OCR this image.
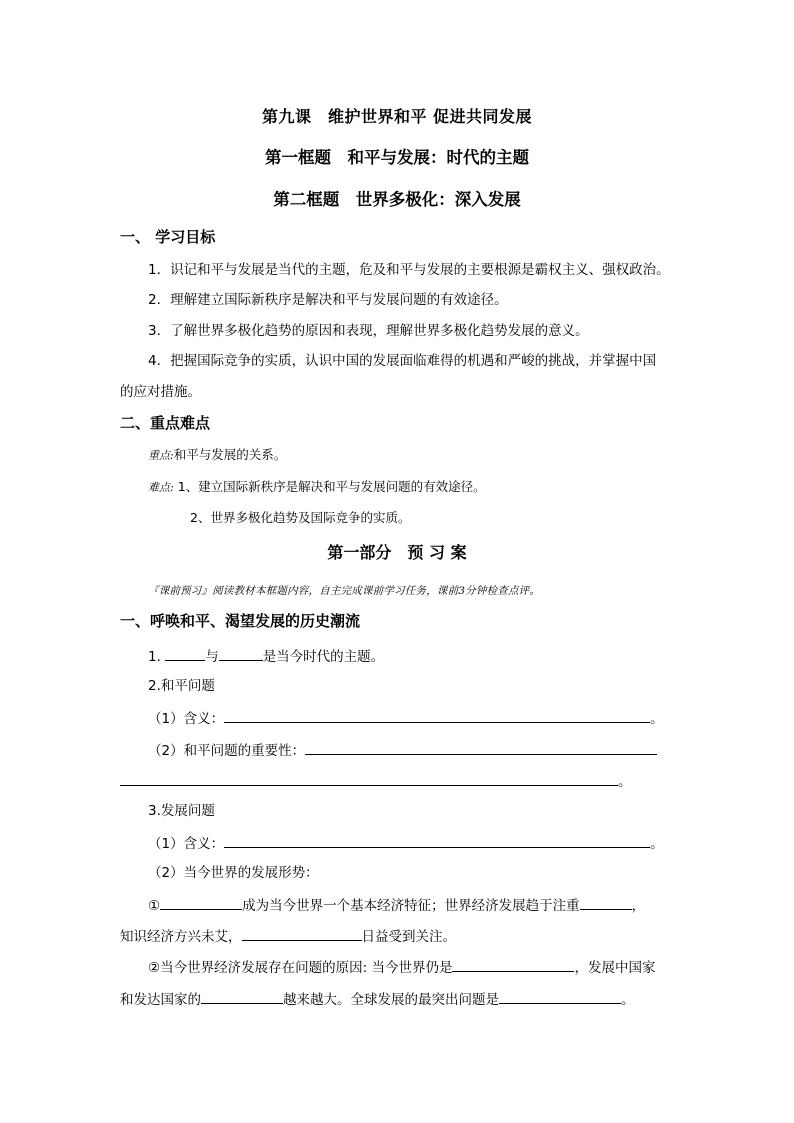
第九课　维护世界和平 促进共同发展
第一框题　和平与发展：时代的主题
第二框题　世界多极化：深入发展
一、 学习目标
1．识记和平与发展是当代的主题，危及和平与发展的主要根源是霸权主义、强权政治。
2．理解建立国际新秩序是解决和平与发展问题的有效途径。
3．了解世界多极化趋势的原因和表现，理解世界多极化趋势发展的意义。
4．把握国际竞争的实质，认识中国的发展面临难得的机遇和严峻的挑战，并掌握中国
的应对措施。
二、重点难点
重点:和平与发展的关系。
难点: 1、建立国际新秩序是解决和平与发展问题的有效途径。
2、世界多极化趋势及国际竞争的实质。
第一部分　预 习 案
『课前预习』阅读教材本框题内容，自主完成课前学习任务，课前3分钟检查点评。
一、呼唤和平、渴望发展的历史潮流
1.	与	是当今时代的主题。
2.和平问题
（1）含义：	。
（2）和平问题的重要性：
。
3.发展问题
（1）含义：	。
（2）当今世界的发展形势：
①	成为当今世界一个基本经济特征；世界经济发展趋于注重	，
知识经济方兴未艾，	日益受到关注。
②当今世界经济发展存在问题的原因: 当今世界仍是	，发展中国家
和发达国家的	越来越大。全球发展的最突出问题是	。
